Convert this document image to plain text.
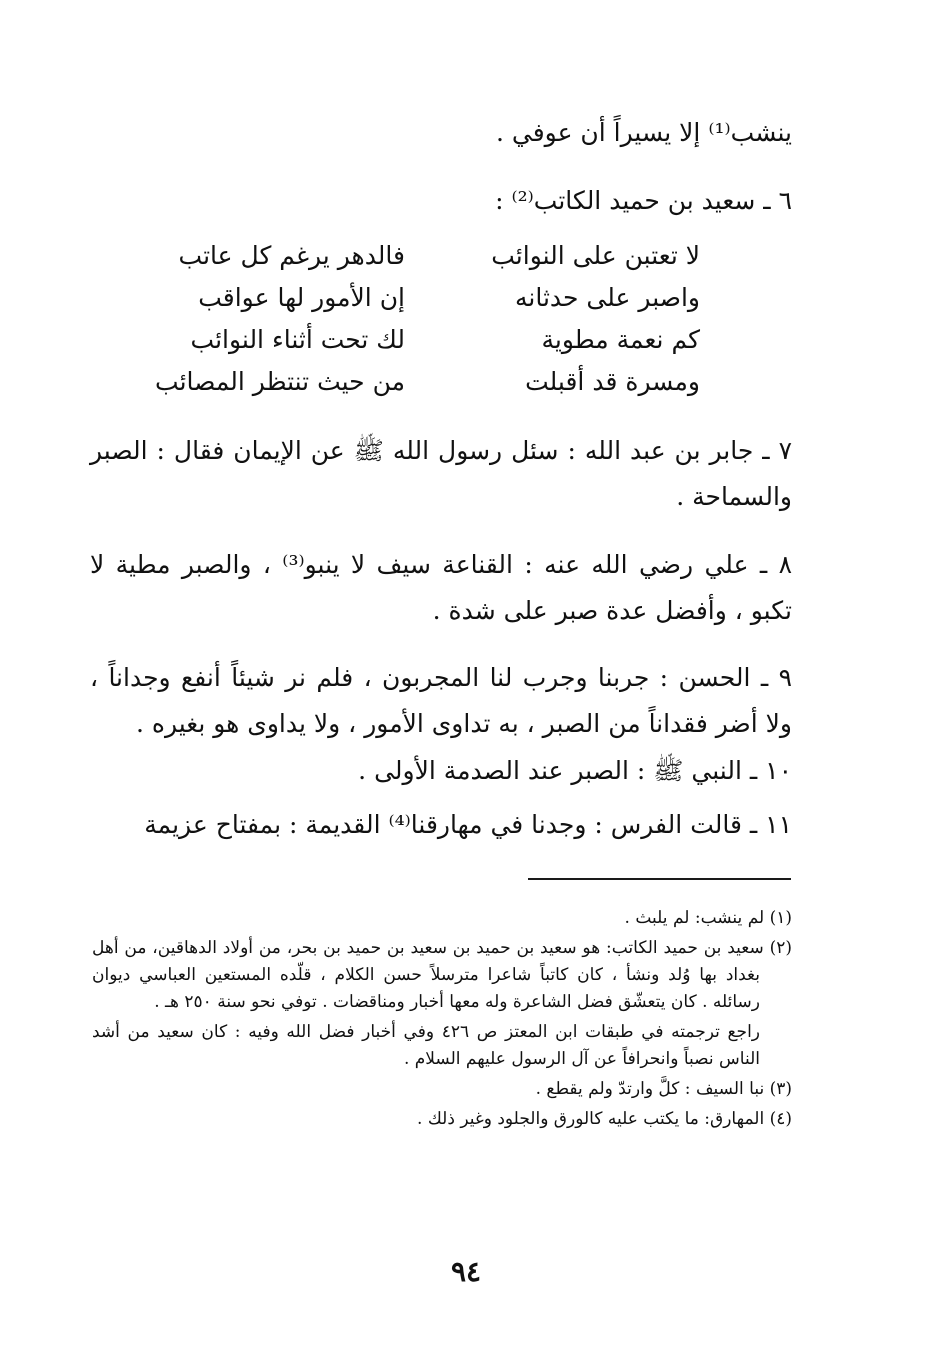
ينشب⁽¹⁾ إلا يسيراً أن عوفي .
٦ ـ سعيد بن حميد الكاتب⁽²⁾ :
لا تعتبن على النوائب
فالدهر يرغم كل عاتب
واصبر على حدثانه
إن الأمور لها عواقب
كم نعمة مطوية
لك تحت أثناء النوائب
ومسرة قد أقبلت
من حيث تنتظر المصائب
٧ ـ جابر بن عبد الله : سئل رسول الله ﷺ عن الإيمان فقال : الصبر والسماحة .
٨ ـ علي رضي الله عنه : القناعة سيف لا ينبو⁽³⁾ ، والصبر مطية لا تكبو ، وأفضل عدة صبر على شدة .
٩ ـ الحسن : جربنا وجرب لنا المجربون ، فلم نر شيئاً أنفع وجداناً ، ولا أضر فقداناً من الصبر ، به تداوى الأمور ، ولا يداوى هو بغيره .
١٠ ـ النبي ﷺ : الصبر عند الصدمة الأولى .
١١ ـ قالت الفرس : وجدنا في مهارقنا⁽⁴⁾ القديمة : بمفتاح عزيمة

(١) لم ينشب: لم يلبث .

(٢) سعيد بن حميد الكاتب: هو سعيد بن حميد بن سعيد بن حميد بن بحر، من أولاد الدهاقين، من أهل بغداد بها وُلد ونشأ ، كان كاتباً شاعرا مترسلاً حسن الكلام ، قلّده المستعين العباسي ديوان رسائله . كان يتعشّق فضل الشاعرة وله معها أخبار ومناقضات . توفي نحو سنة ٢٥٠ هـ .

راجع ترجمته في طبقات ابن المعتز ص ٤٢٦ وفي أخبار فضل الله وفيه : كان سعيد من أشد الناس نصباً وانحرافاً عن آل الرسول عليهم السلام .

(٣) نبا السيف : كلَّ وارتدّ ولم يقطع .

(٤) المهارق: ما يكتب عليه كالورق والجلود وغير ذلك .

٩٤
